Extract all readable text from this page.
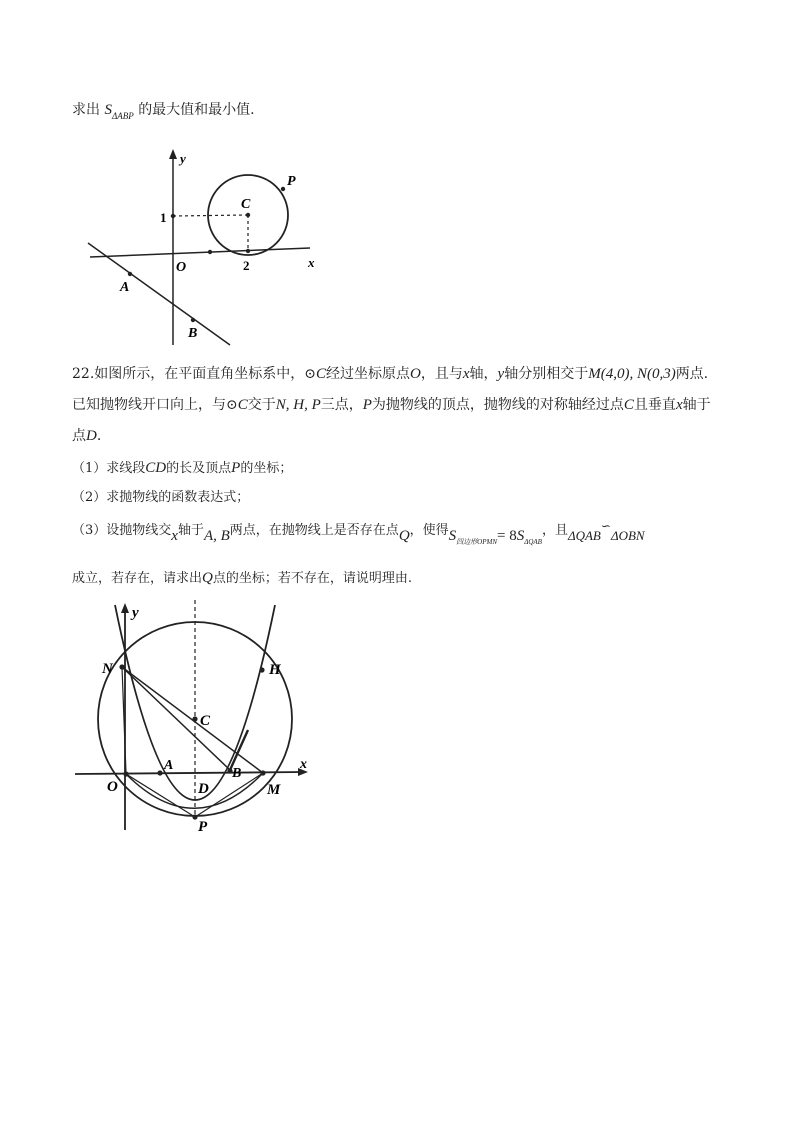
求出 $S_{\Delta ABP}$ 的最大值和最小值.
y
x
O
1
2
C
P
A
B
22.如图所示，在平面直角坐标系中，⊙C经过坐标原点O，且与x轴，y轴分别相交于M(4,0), N(0,3)两点.
已知抛物线开口向上，与⊙C交于N, H, P三点，P为抛物线的顶点，抛物线的对称轴经过点C且垂直x轴于
点D.
（1）求线段CD的长及顶点P的坐标；
（2）求抛物线的函数表达式；
（3）设抛物线交x轴于A, B两点，在抛物线上是否存在点Q，使得$S_{四边形OPMN}= 8S_{\Delta QAB}$，且ΔQAB∽ΔOBN
成立，若存在，请求出Q点的坐标；若不存在，请说明理由.
y
x
N	H
C
A
B
O	D	M
P
